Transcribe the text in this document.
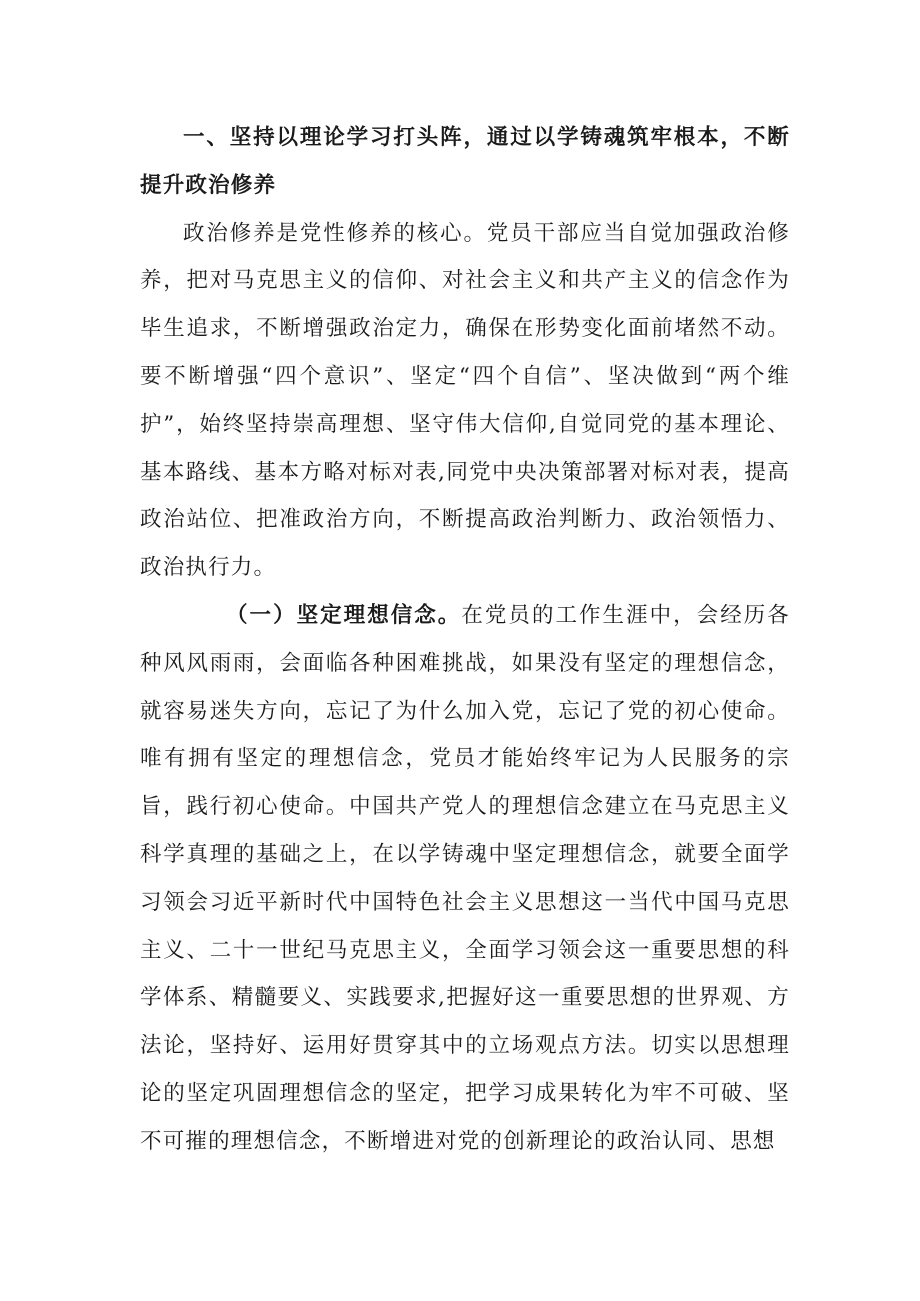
一、坚持以理论学习打头阵，通过以学铸魂筑牢根本，不断提升政治修养

政治修养是党性修养的核心。党员干部应当自觉加强政治修养，把对马克思主义的信仰、对社会主义和共产主义的信念作为毕生追求，不断增强政治定力，确保在形势变化面前堵然不动。要不断增强“四个意识”、坚定“四个自信”、坚决做到“两个维护”，始终坚持崇高理想、坚守伟大信仰,自觉同党的基本理论、基本路线、基本方略对标对表,同党中央决策部署对标对表，提高政治站位、把准政治方向，不断提高政治判断力、政治领悟力、政治执行力。

（一）坚定理想信念。在党员的工作生涯中，会经历各种风风雨雨，会面临各种困难挑战，如果没有坚定的理想信念，就容易迷失方向，忘记了为什么加入党，忘记了党的初心使命。唯有拥有坚定的理想信念，党员才能始终牢记为人民服务的宗旨，践行初心使命。中国共产党人的理想信念建立在马克思主义科学真理的基础之上，在以学铸魂中坚定理想信念，就要全面学习领会习近平新时代中国特色社会主义思想这一当代中国马克思主义、二十一世纪马克思主义，全面学习领会这一重要思想的科学体系、精髓要义、实践要求,把握好这一重要思想的世界观、方法论，坚持好、运用好贯穿其中的立场观点方法。切实以思想理论的坚定巩固理想信念的坚定，把学习成果转化为牢不可破、坚不可摧的理想信念，不断增进对党的创新理论的政治认同、思想
